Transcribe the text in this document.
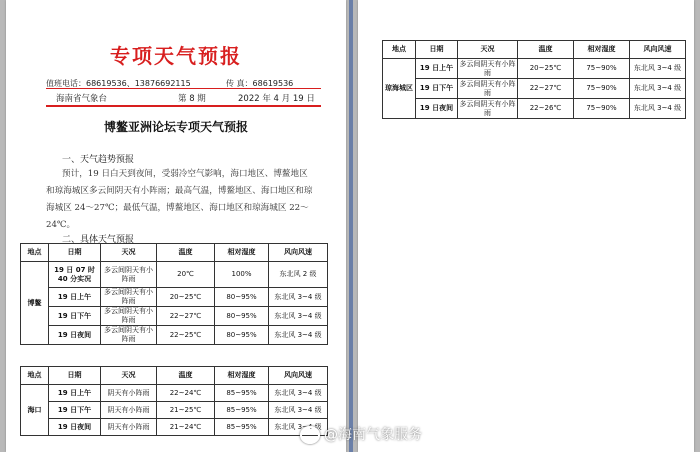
专项天气预报
值班电话：68619536、13876692115	传 真：68619536
海南省气象台	第 8 期	2022 年 4 月 19 日
博鳌亚洲论坛专项天气预报
一、天气趋势预报
预计，19 日白天到夜间，受弱冷空气影响，海口地区、博鳌地区和琼海城区多云间阴天有小阵雨；最高气温，博鳌地区、海口地区和琼海城区 24～27℃；最低气温，博鳌地区、海口地区和琼海城区 22～24℃。
二、具体天气预报
地点	日期	天况	温度	相对湿度	风向风速
博鳌	19 日 07 时 40 分实况	多云间阴天有小阵雨	20℃	100%	东北风 2 级
	19 日上午	多云间阴天有小阵雨	20~25℃	80~95%	东北风 3~4 级
	19 日下午	多云间阴天有小阵雨	22~27℃	80~95%	东北风 3~4 级
	19 日夜间	多云间阴天有小阵雨	22~25℃	80~95%	东北风 3~4 级
地点	日期	天况	温度	相对湿度	风向风速
海口	19 日上午	阴天有小阵雨	22~24℃	85~95%	东北风 3~4 级
	19 日下午	阴天有小阵雨	21~25℃	85~95%	东北风 3~4 级
	19 日夜间	阴天有小阵雨	21~24℃	85~95%	东北风 3~4 级
地点	日期	天况	温度	相对湿度	风向风速
琼海城区	19 日上午	多云间阴天有小阵雨	20~25℃	75~90%	东北风 3~4 级
	19 日下午	多云间阴天有小阵雨	22~27℃	75~90%	东北风 3~4 级
	19 日夜间	多云间阴天有小阵雨	22~26℃	75~90%	东北风 3~4 级
@海南气象服务
